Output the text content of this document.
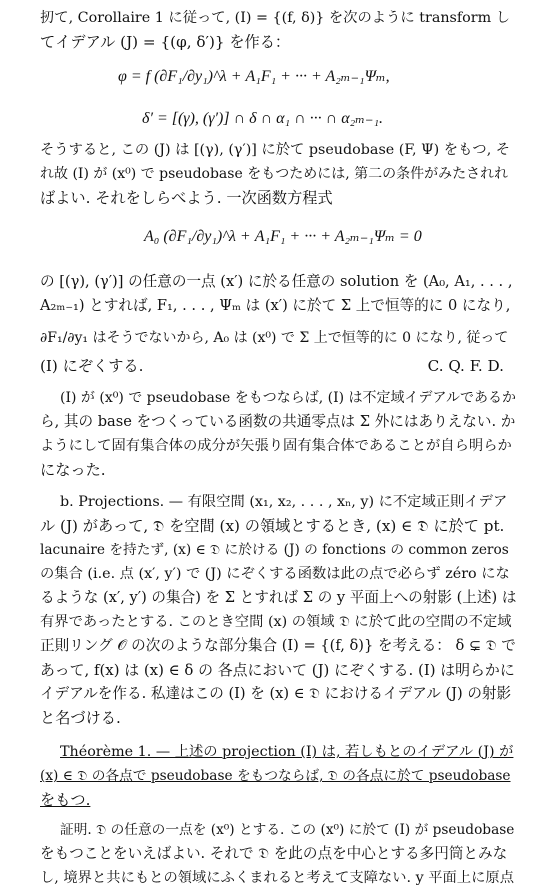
扨て, Corollaire 1 に従って, (I) = {(f, δ)} を次のように transform し
てイデアル (J) = {(φ, δ′)} を作る：
φ = f (∂F₁/∂y₁)^λ + A₁F₁ + ··· + A₂ₘ₋₁Ψₘ,
δ′ = [(γ), (γ′)] ∩ δ ∩ α₁ ∩ ··· ∩ α₂ₘ₋₁.
そうすると, この (J) は [(γ), (γ′)] に於て pseudobase (F, Ψ) をもつ, そ
れ故 (I) が (x⁰) で pseudobase をもつためには, 第二の条件がみたされれ
ばよい. それをしらべよう. 一次函数方程式
A₀ (∂F₁/∂y₁)^λ + A₁F₁ + ··· + A₂ₘ₋₁Ψₘ = 0
の [(γ), (γ′)] の任意の一点 (x′) に於る任意の solution を (A₀, A₁, . . . ,
A₂ₘ₋₁) とすれば, F₁, . . . , Ψₘ は (x′) に於て Σ 上で恒等的に 0 になり,
∂F₁/∂y₁ はそうでないから, A₀ は (x⁰) で Σ 上で恒等的に 0 になり, 従って
(I) にぞくする.	C. Q. F. D.
(I) が (x⁰) で pseudobase をもつならば, (I) は不定域イデアルであるか
ら, 其の base をつくっている函数の共通零点は Σ 外にはありえない. か
ようにして固有集合体の成分が矢張り固有集合体であることが自ら明らか
になった.
b. Projections. — 有限空間 (x₁, x₂, . . . , xₙ, y) に不定域正則イデア
ル (J) があって, 𝔇 を空間 (x) の領域とするとき, (x) ∈ 𝔇 に於て pt.
lacunaire を持たず, (x) ∈ 𝔇 に於ける (J) の fonctions の common zeros
の集合 (i.e. 点 (x′, y′) で (J) にぞくする函数は此の点で必らず zéro にな
るような (x′, y′) の集合) を Σ とすれば Σ の y 平面上への射影 (上述) は
有界であったとする. このとき空間 (x) の領域 𝔇 に於て此の空間の不定域
正則リング 𝒪 の次のような部分集合 (I) = {(f, δ)} を考える： δ ⊊ 𝔇 で
あって, f(x) は (x) ∈ δ の 各点において (J) にぞくする. (I) は明らかに
イデアルを作る. 私達はこの (I) を (x) ∈ 𝔇 におけるイデアル (J) の射影
と名づける.
Théorème 1. — 上述の projection (I) は, 若しもとのイデアル (J) が
(x) ∈ 𝔇 の各点で pseudobase をもつならば, 𝔇 の各点に於て pseudobase
をもつ.
証明. 𝔇 の任意の一点を (x⁰) とする. この (x⁰) に於て (I) が pseudobase
をもつことをいえばよい. それで 𝔇 を此の点を中心とする多円筒とみな
し, 境界と共にもとの領域にふくまれると考えて支障ない. y 平面上に原点
